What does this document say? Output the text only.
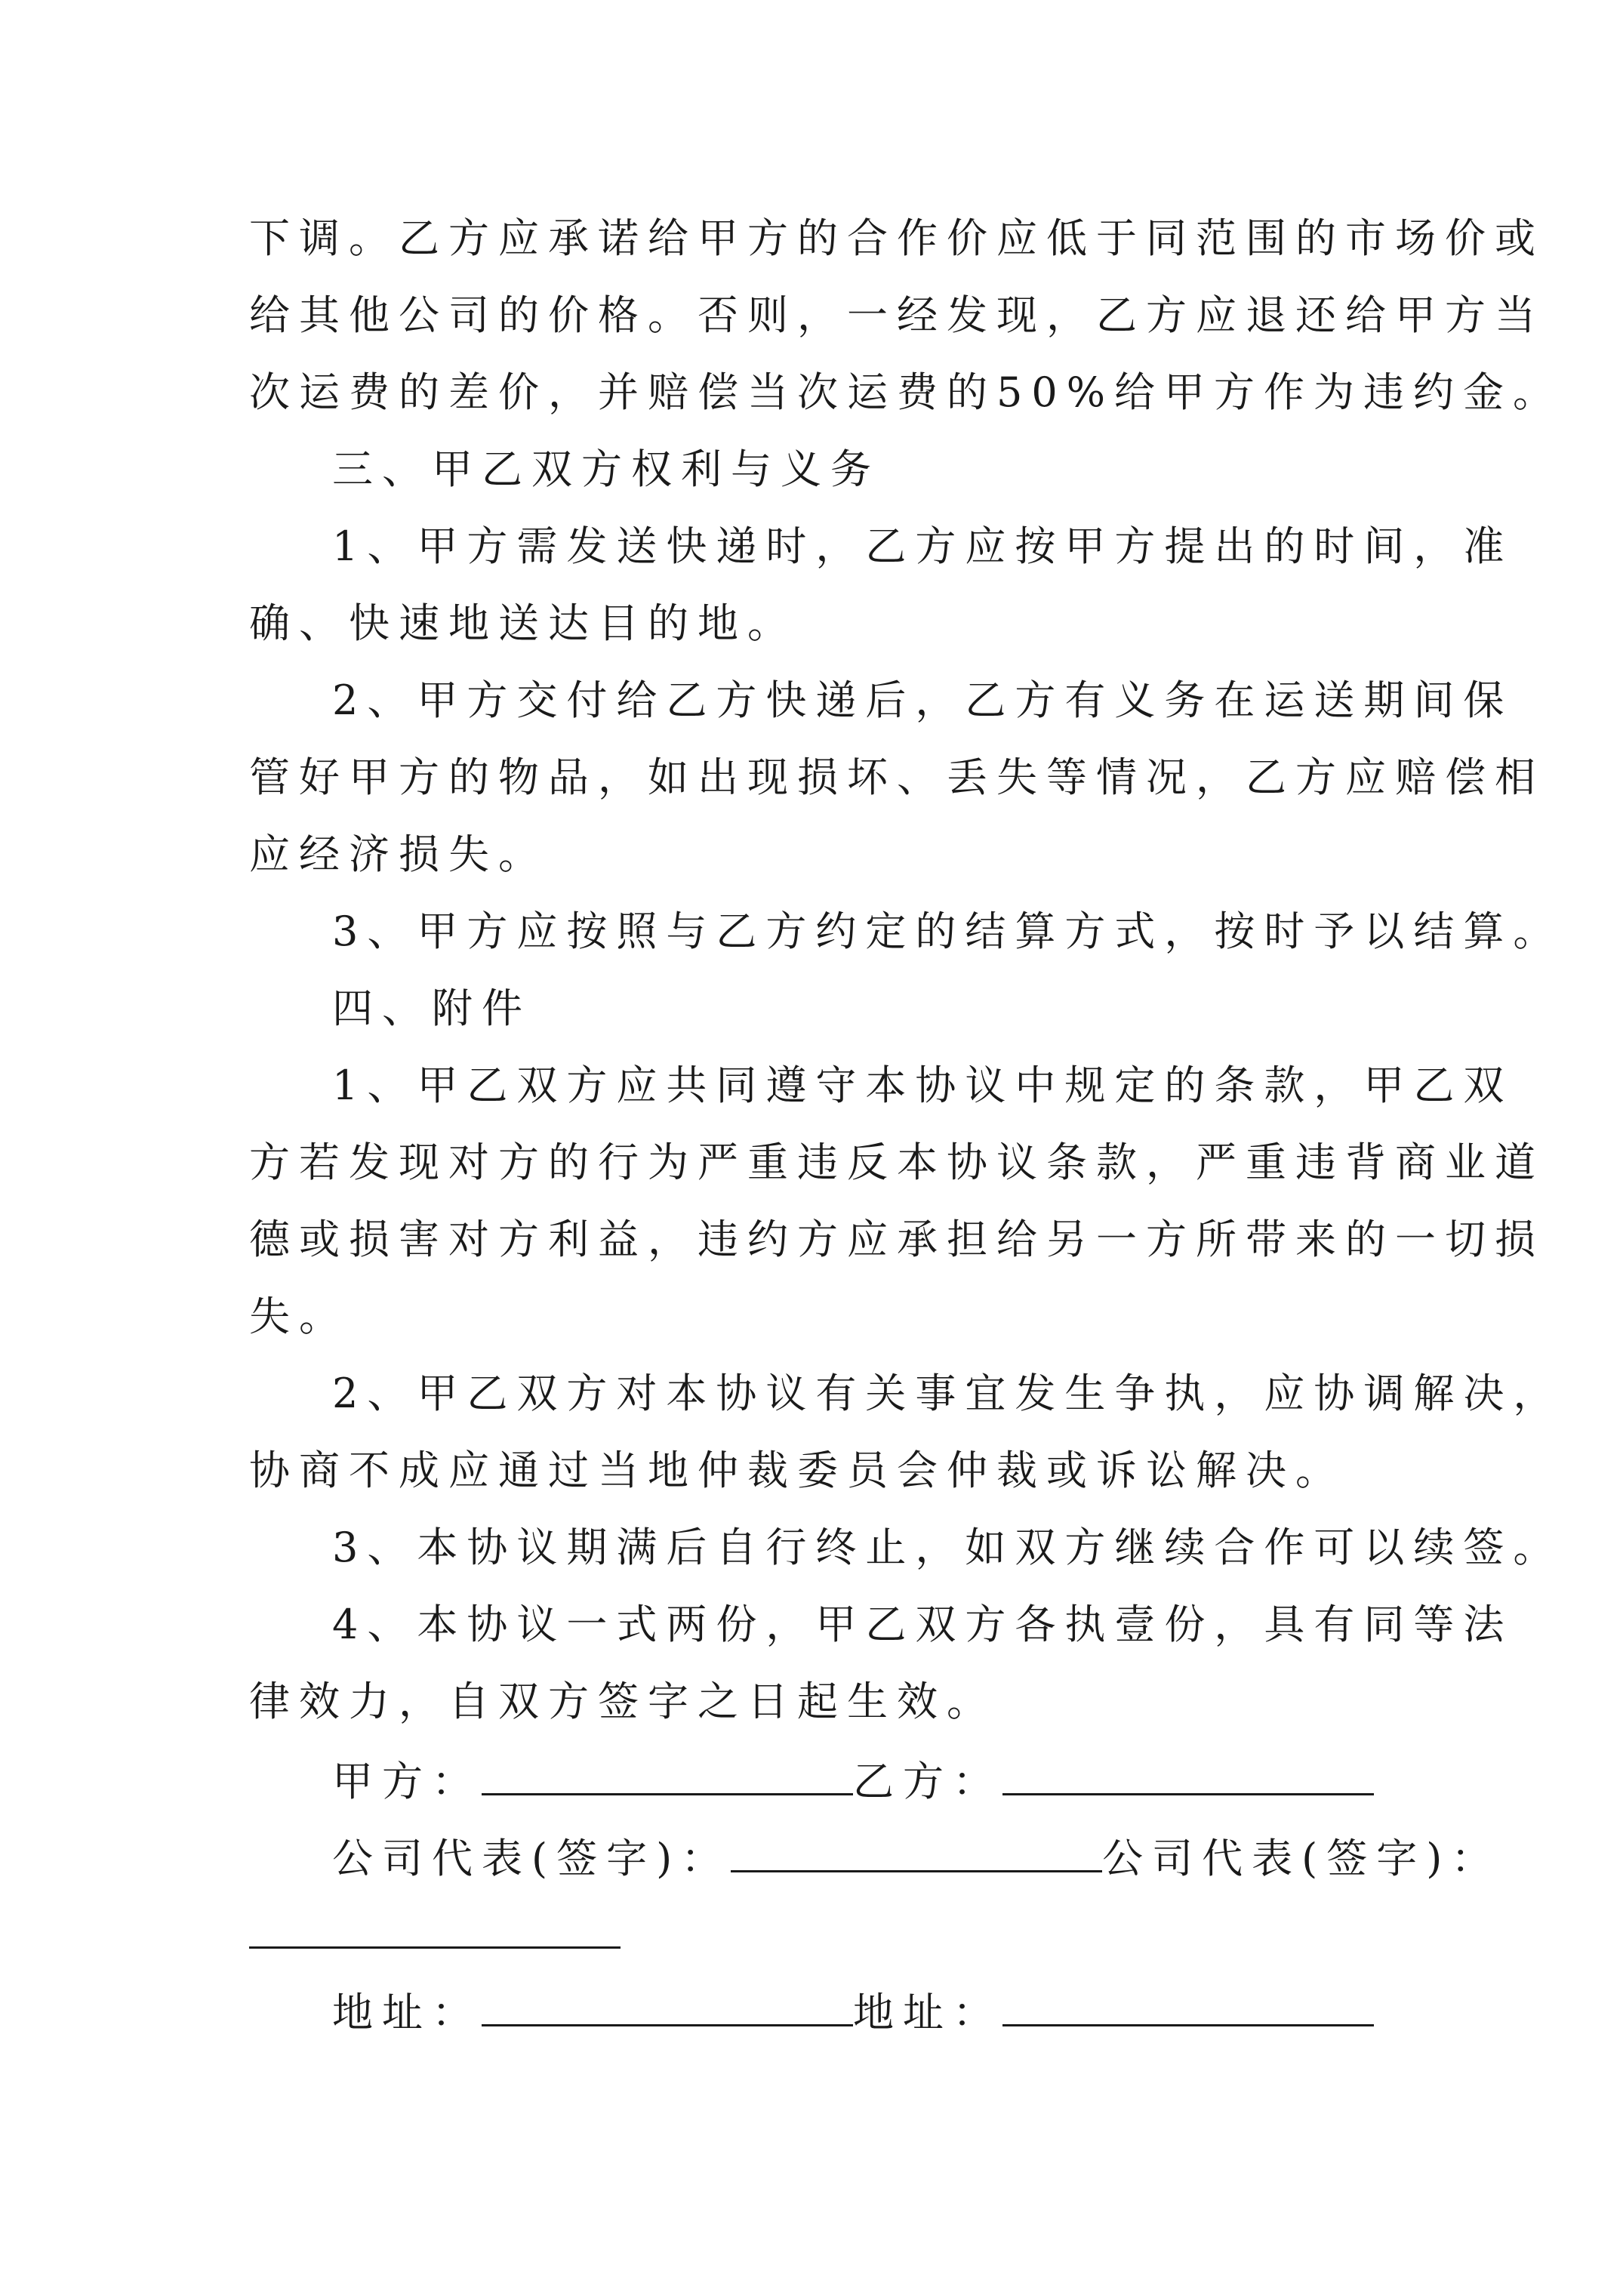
下调。乙方应承诺给甲方的合作价应低于同范围的市场价或
给其他公司的价格。否则，一经发现，乙方应退还给甲方当
次运费的差价，并赔偿当次运费的50%给甲方作为违约金。
三、甲乙双方权利与义务
1、甲方需发送快递时，乙方应按甲方提出的时间，准
确、快速地送达目的地。
2、甲方交付给乙方快递后，乙方有义务在运送期间保
管好甲方的物品，如出现损坏、丢失等情况，乙方应赔偿相
应经济损失。
3、甲方应按照与乙方约定的结算方式，按时予以结算。
四、附件
1、甲乙双方应共同遵守本协议中规定的条款，甲乙双
方若发现对方的行为严重违反本协议条款，严重违背商业道
德或损害对方利益，违约方应承担给另一方所带来的一切损
失。
2、甲乙双方对本协议有关事宜发生争执，应协调解决，
协商不成应通过当地仲裁委员会仲裁或诉讼解决。
3、本协议期满后自行终止，如双方继续合作可以续签。
4、本协议一式两份，甲乙双方各执壹份，具有同等法
律效力，自双方签字之日起生效。
甲方：	乙方：
公司代表(签字)：	公司代表(签字)：
地址：	地址：
